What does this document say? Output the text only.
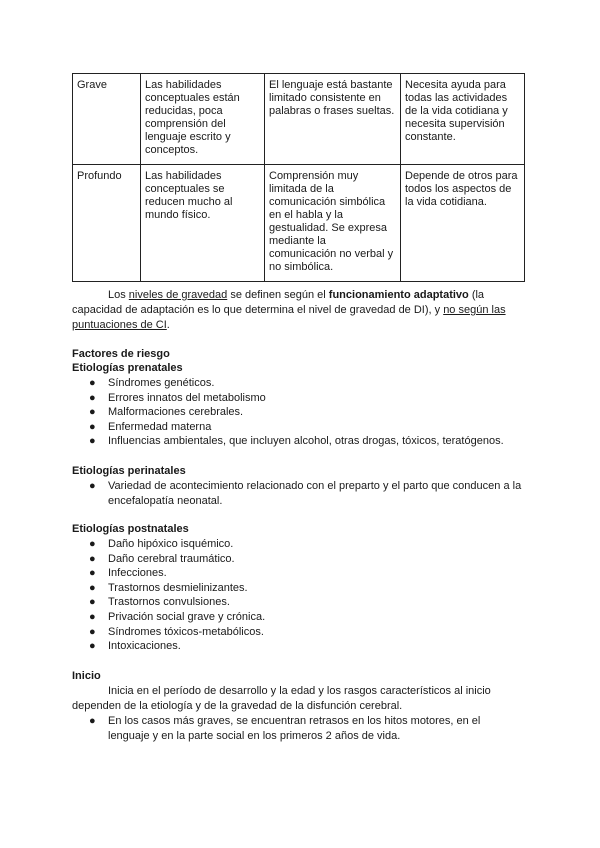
Grave	Las habilidades conceptuales están reducidas, poca comprensión del lenguaje escrito y conceptos.	El lenguaje está bastante limitado consistente en palabras o frases sueltas.	Necesita ayuda para todas las actividades de la vida cotidiana y necesita supervisión constante.
Profundo	Las habilidades conceptuales se reducen mucho al mundo físico.	Comprensión muy limitada de la comunicación simbólica en el habla y la gestualidad. Se expresa mediante la comunicación no verbal y no simbólica.	Depende de otros para todos los aspectos de la vida cotidiana.

Los niveles de gravedad se definen según el funcionamiento adaptativo (la capacidad de adaptación es lo que determina el nivel de gravedad de DI), y no según las puntuaciones de CI.

Factores de riesgo
Etiologías prenatales
● Síndromes genéticos.
● Errores innatos del metabolismo
● Malformaciones cerebrales.
● Enfermedad materna
● Influencias ambientales, que incluyen alcohol, otras drogas, tóxicos, teratógenos.
Etiologías perinatales
● Variedad de acontecimiento relacionado con el preparto y el parto que conducen a la encefalopatía neonatal.
Etiologías postnatales
● Daño hipóxico isquémico.
● Daño cerebral traumático.
● Infecciones.
● Trastornos desmielinizantes.
● Trastornos convulsiones.
● Privación social grave y crónica.
● Síndromes tóxicos-metabólicos.
● Intoxicaciones.
Inicio

Inicia en el período de desarrollo y la edad y los rasgos característicos al inicio dependen de la etiología y de la gravedad de la disfunción cerebral.

● En los casos más graves, se encuentran retrasos en los hitos motores, en el lenguaje y en la parte social en los primeros 2 años de vida.
